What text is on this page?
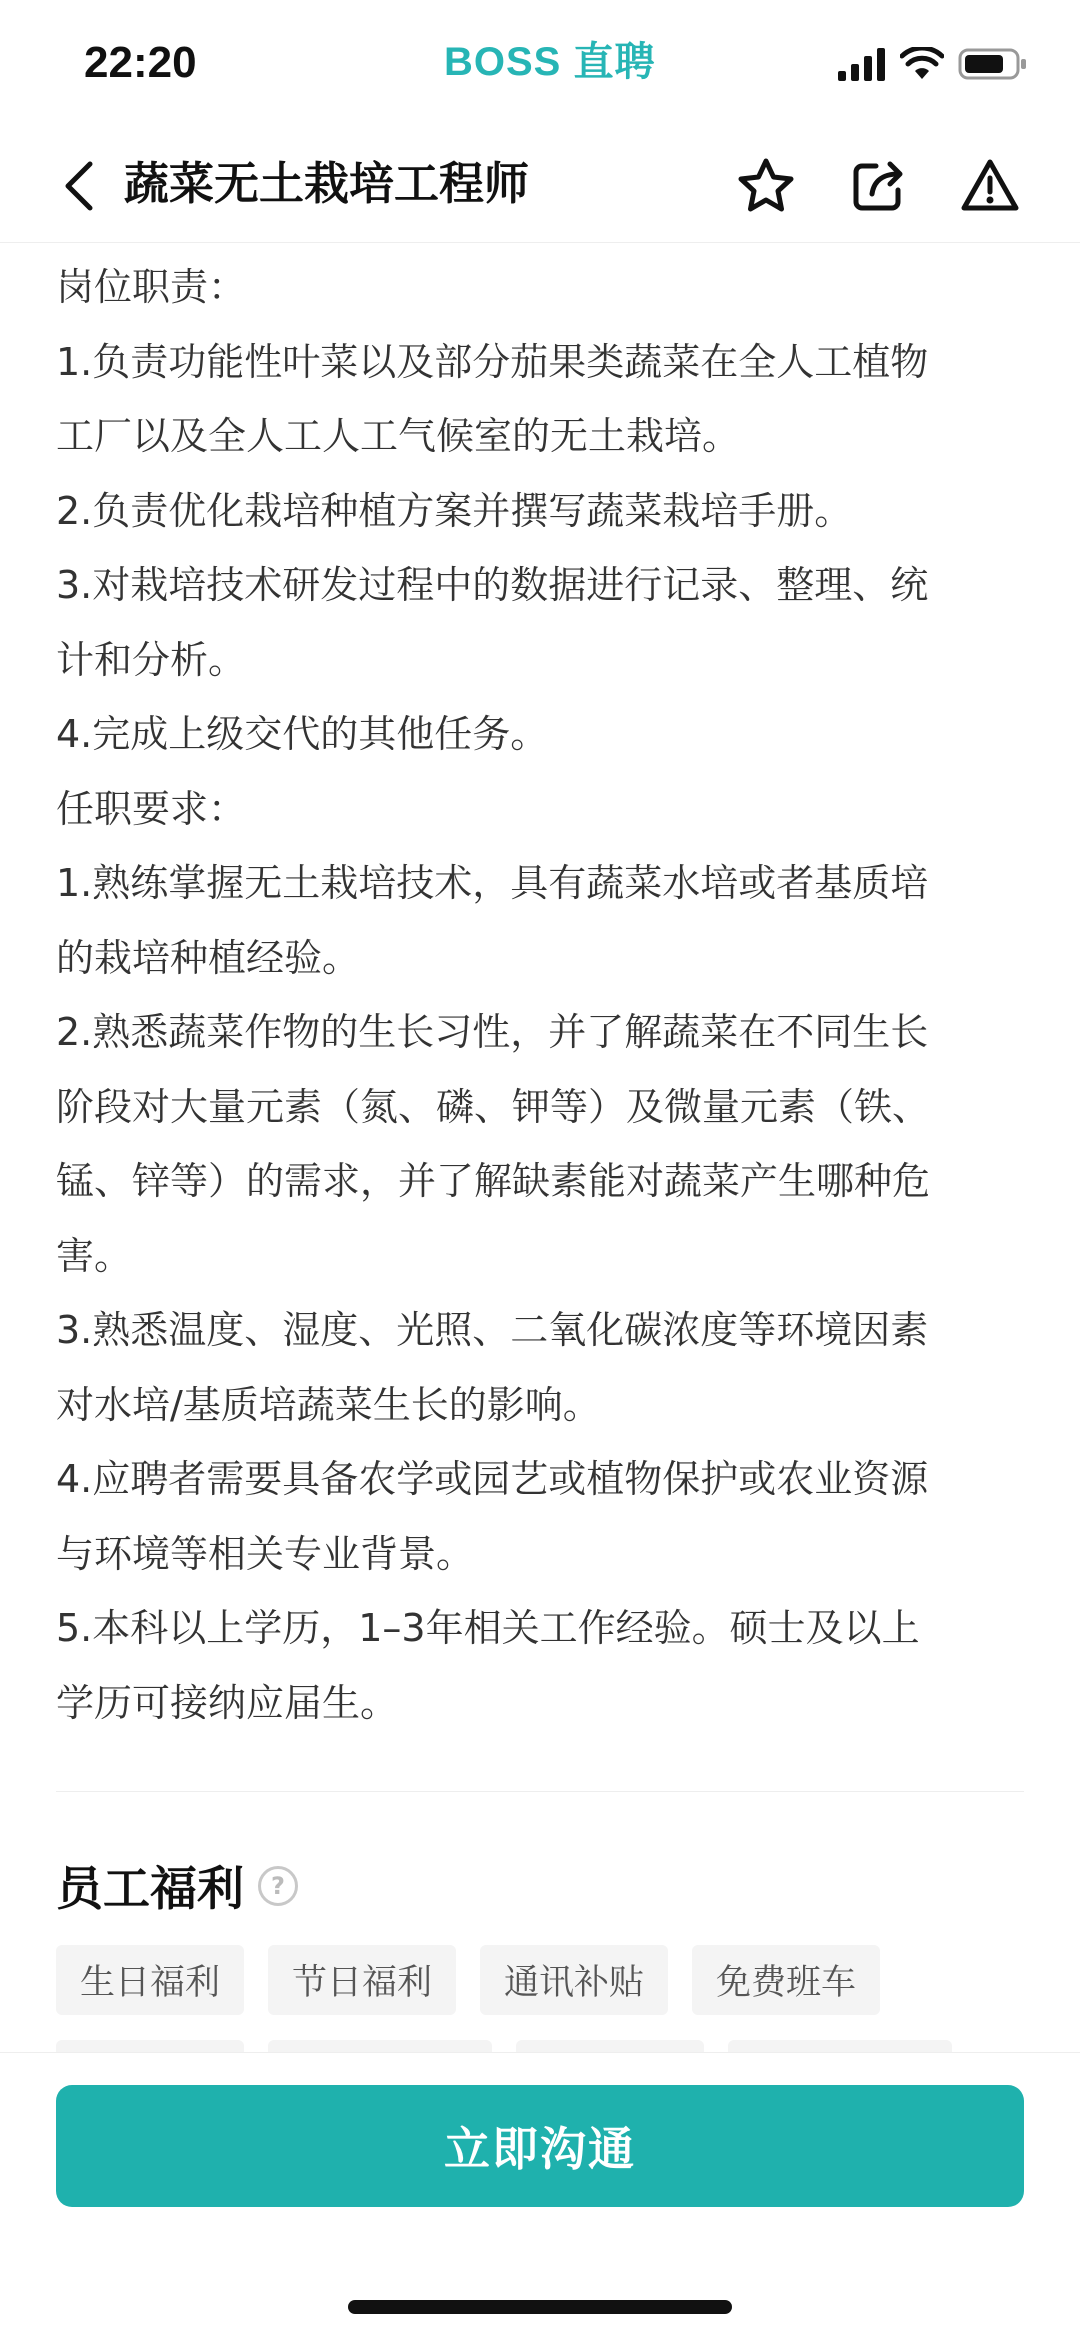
22:20	BOSS 直聘
蔬菜无土栽培工程师
岗位职责：
1.负责功能性叶菜以及部分茄果类蔬菜在全人工植物
工厂以及全人工人工气候室的无土栽培。
2.负责优化栽培种植方案并撰写蔬菜栽培手册。
3.对栽培技术研发过程中的数据进行记录、整理、统
计和分析。
4.完成上级交代的其他任务。
任职要求：
1.熟练掌握无土栽培技术，具有蔬菜水培或者基质培
的栽培种植经验。
2.熟悉蔬菜作物的生长习性，并了解蔬菜在不同生长
阶段对大量元素（氮、磷、钾等）及微量元素（铁、
锰、锌等）的需求，并了解缺素能对蔬菜产生哪种危
害。
3.熟悉温度、湿度、光照、二氧化碳浓度等环境因素
对水培/基质培蔬菜生长的影响。
4.应聘者需要具备农学或园艺或植物保护或农业资源
与环境等相关专业背景。
5.本科以上学历，1–3年相关工作经验。硕士及以上
学历可接纳应届生。
员工福利	?
生日福利	节日福利	通讯补贴	免费班车
立即沟通
